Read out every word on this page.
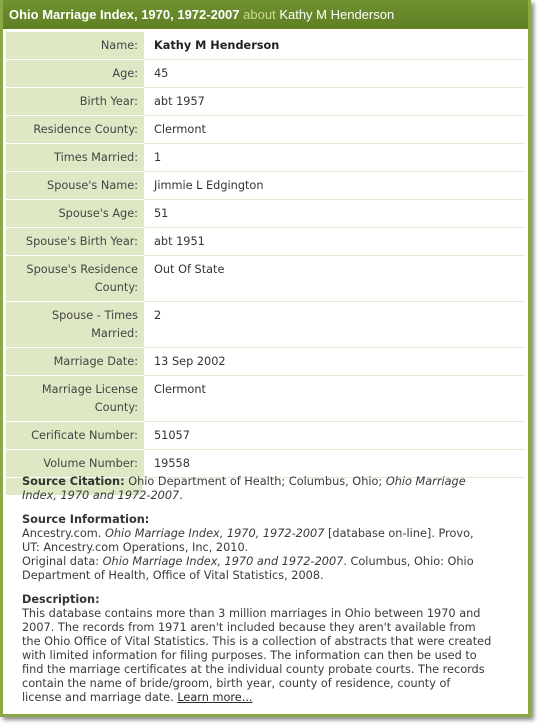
Ohio Marriage Index, 1970, 1972-2007 about Kathy M Henderson
Name:	Kathy M Henderson
Age:	45
Birth Year:	abt 1957
Residence County:	Clermont
Times Married:	1
Spouse's Name:	Jimmie L Edgington
Spouse's Age:	51
Spouse's Birth Year:	abt 1951
Spouse's Residence County:	Out Of State
Spouse - Times Married:	2
Marriage Date:	13 Sep 2002
Marriage License County:	Clermont
Cerificate Number:	51057
Volume Number:	19558

Source Citation: Ohio Department of Health; Columbus, Ohio; Ohio Marriage Index, 1970 and 1972-2007.

Source Information:
Ancestry.com. Ohio Marriage Index, 1970, 1972-2007 [database on-line]. Provo, UT: Ancestry.com Operations, Inc, 2010.
Original data: Ohio Marriage Index, 1970 and 1972-2007. Columbus, Ohio: Ohio Department of Health, Office of Vital Statistics, 2008.

Description:
This database contains more than 3 million marriages in Ohio between 1970 and 2007. The records from 1971 aren't included because they aren't available from the Ohio Office of Vital Statistics. This is a collection of abstracts that were created with limited information for filing purposes. The information can then be used to find the marriage certificates at the individual county probate courts. The records contain the name of bride/groom, birth year, county of residence, county of license and marriage date. Learn more...
